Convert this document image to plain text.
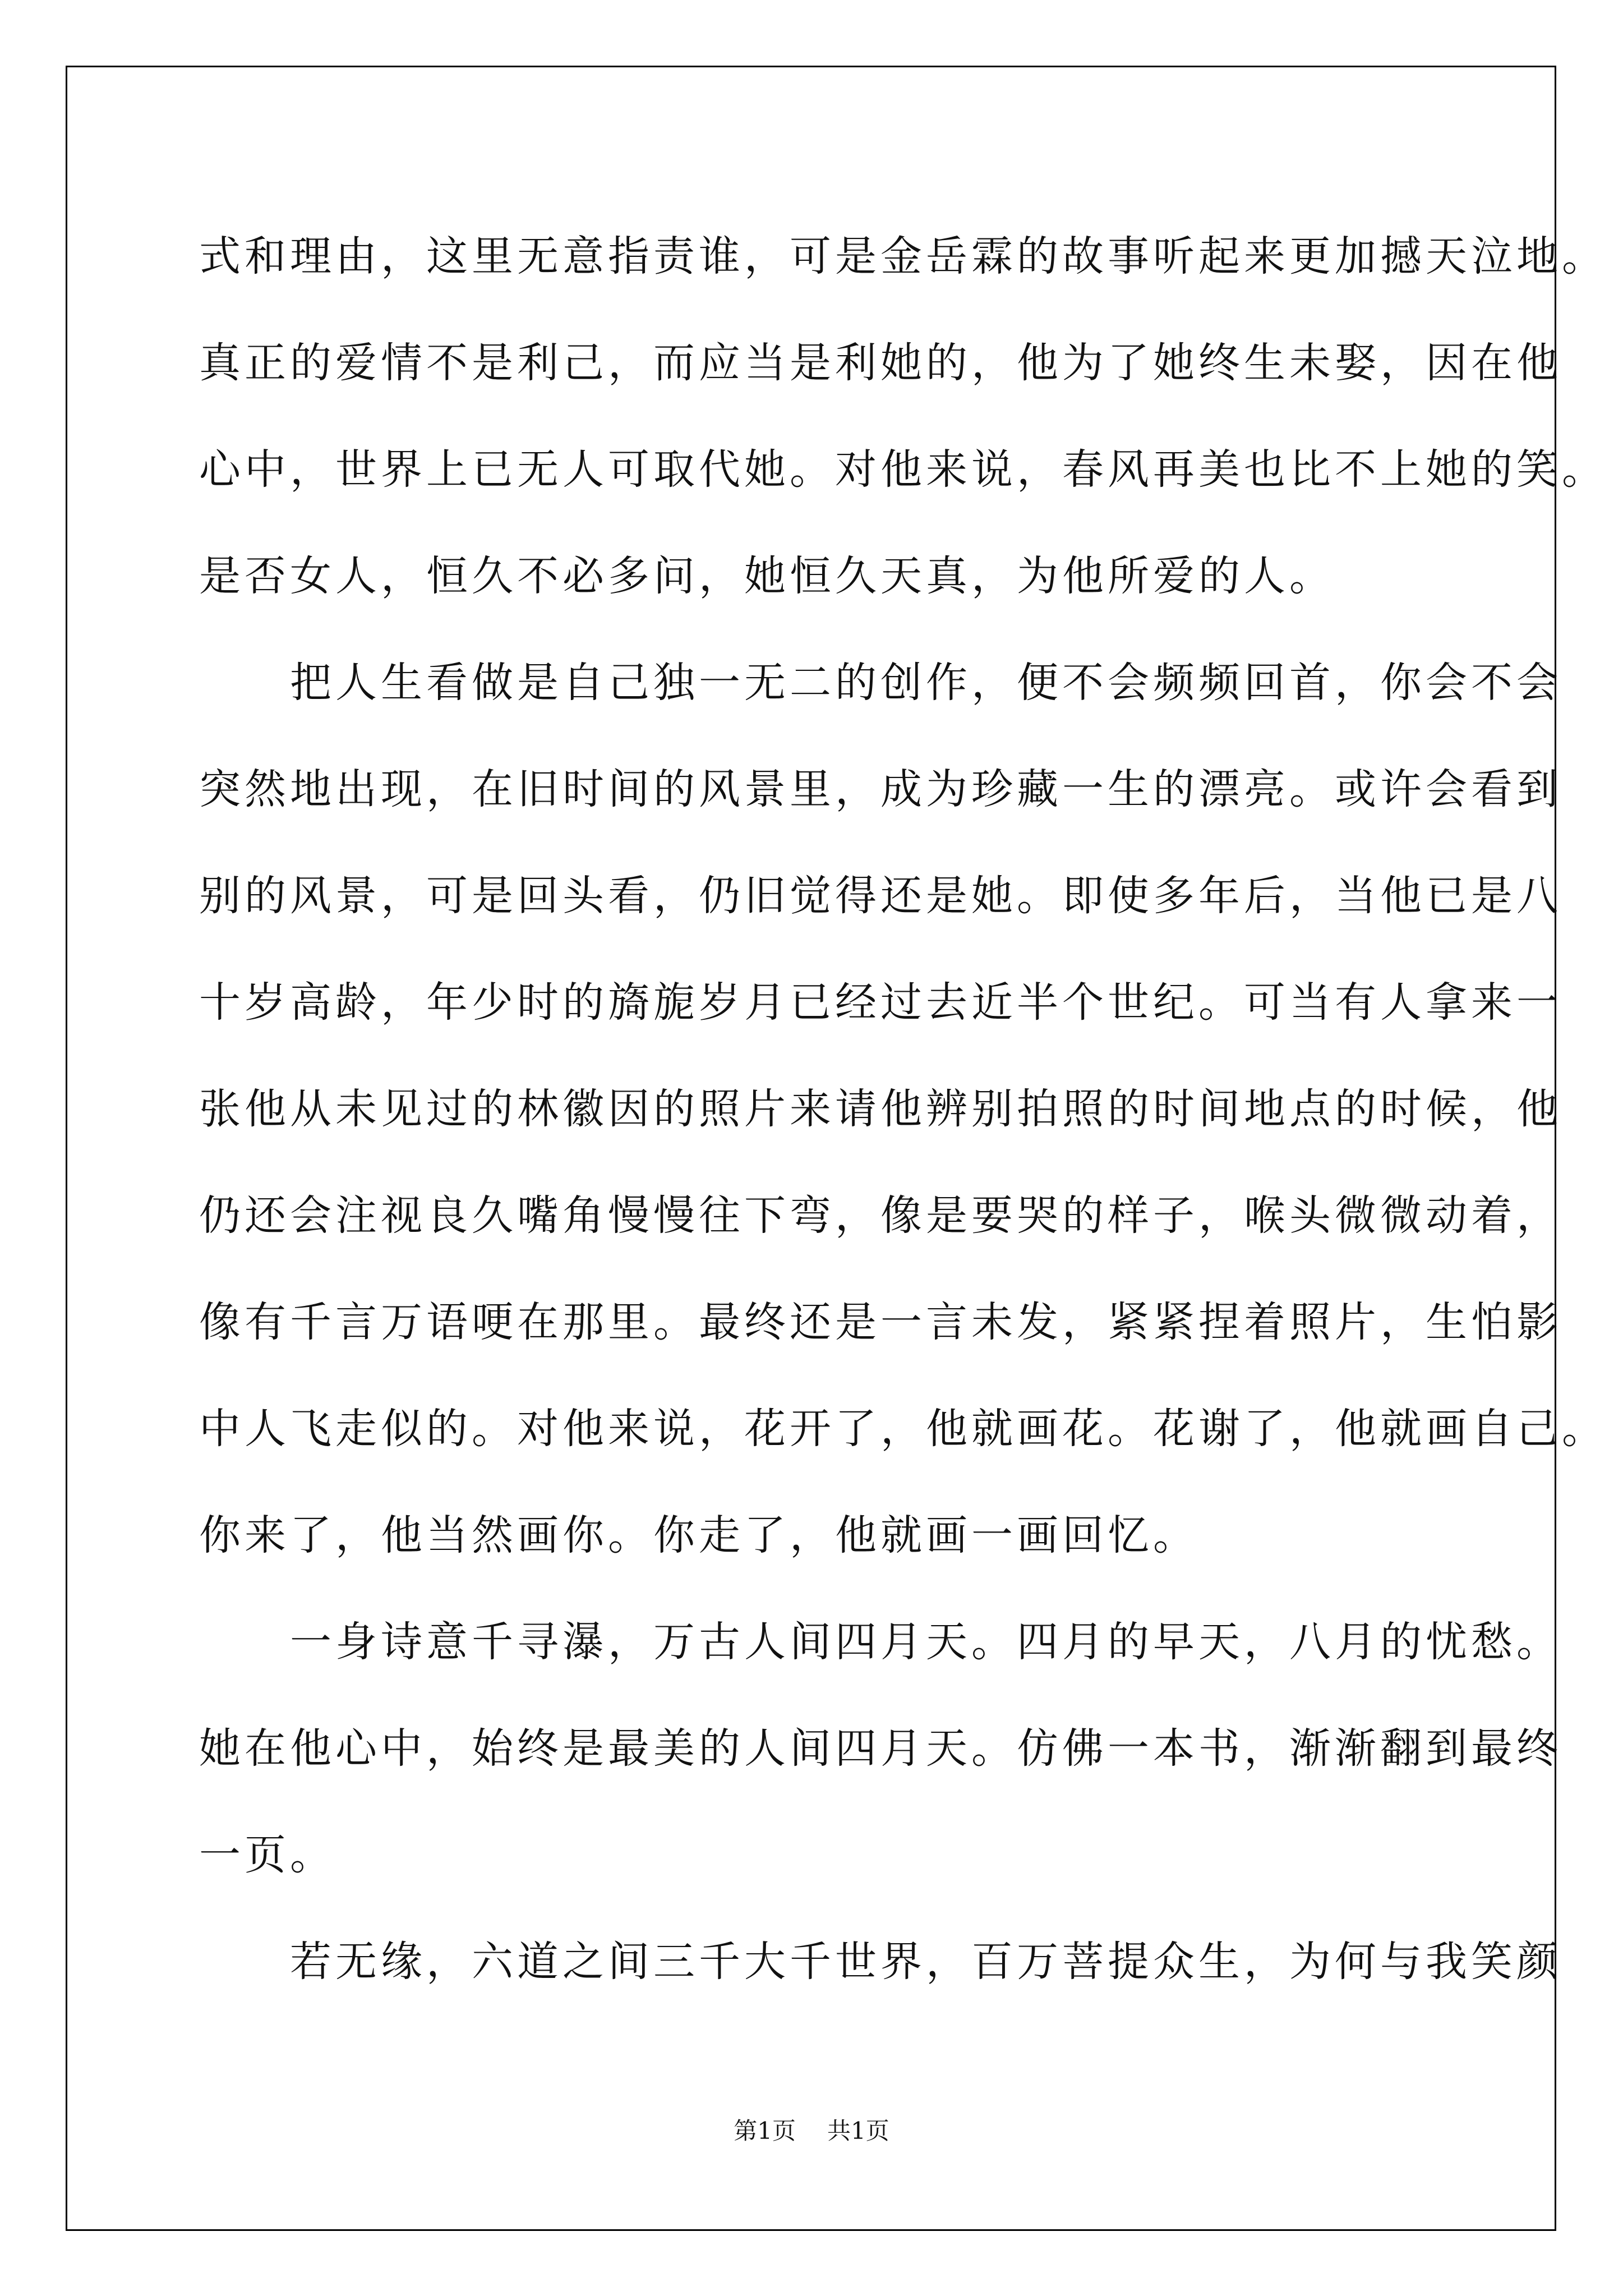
式和理由，这里无意指责谁，可是金岳霖的故事听起来更加撼天泣地。
真正的爱情不是利己，而应当是利她的，他为了她终生未娶，因在他
心中，世界上已无人可取代她。对他来说，春风再美也比不上她的笑。
是否女人，恒久不必多问，她恒久天真，为他所爱的人。
　　把人生看做是自己独一无二的创作，便不会频频回首，你会不会
突然地出现，在旧时间的风景里，成为珍藏一生的漂亮。或许会看到
别的风景，可是回头看，仍旧觉得还是她。即使多年后，当他已是八
十岁高龄，年少时的旖旎岁月已经过去近半个世纪。可当有人拿来一
张他从未见过的林徽因的照片来请他辨别拍照的时间地点的时候，他
仍还会注视良久嘴角慢慢往下弯，像是要哭的样子，喉头微微动着，
像有千言万语哽在那里。最终还是一言未发，紧紧捏着照片，生怕影
中人飞走似的。对他来说，花开了，他就画花。花谢了，他就画自己。
你来了，他当然画你。你走了，他就画一画回忆。
　　一身诗意千寻瀑，万古人间四月天。四月的早天，八月的忧愁。
她在他心中，始终是最美的人间四月天。仿佛一本书，渐渐翻到最终
一页。
　　若无缘，六道之间三千大千世界，百万菩提众生，为何与我笑颜
第1页 共1页
